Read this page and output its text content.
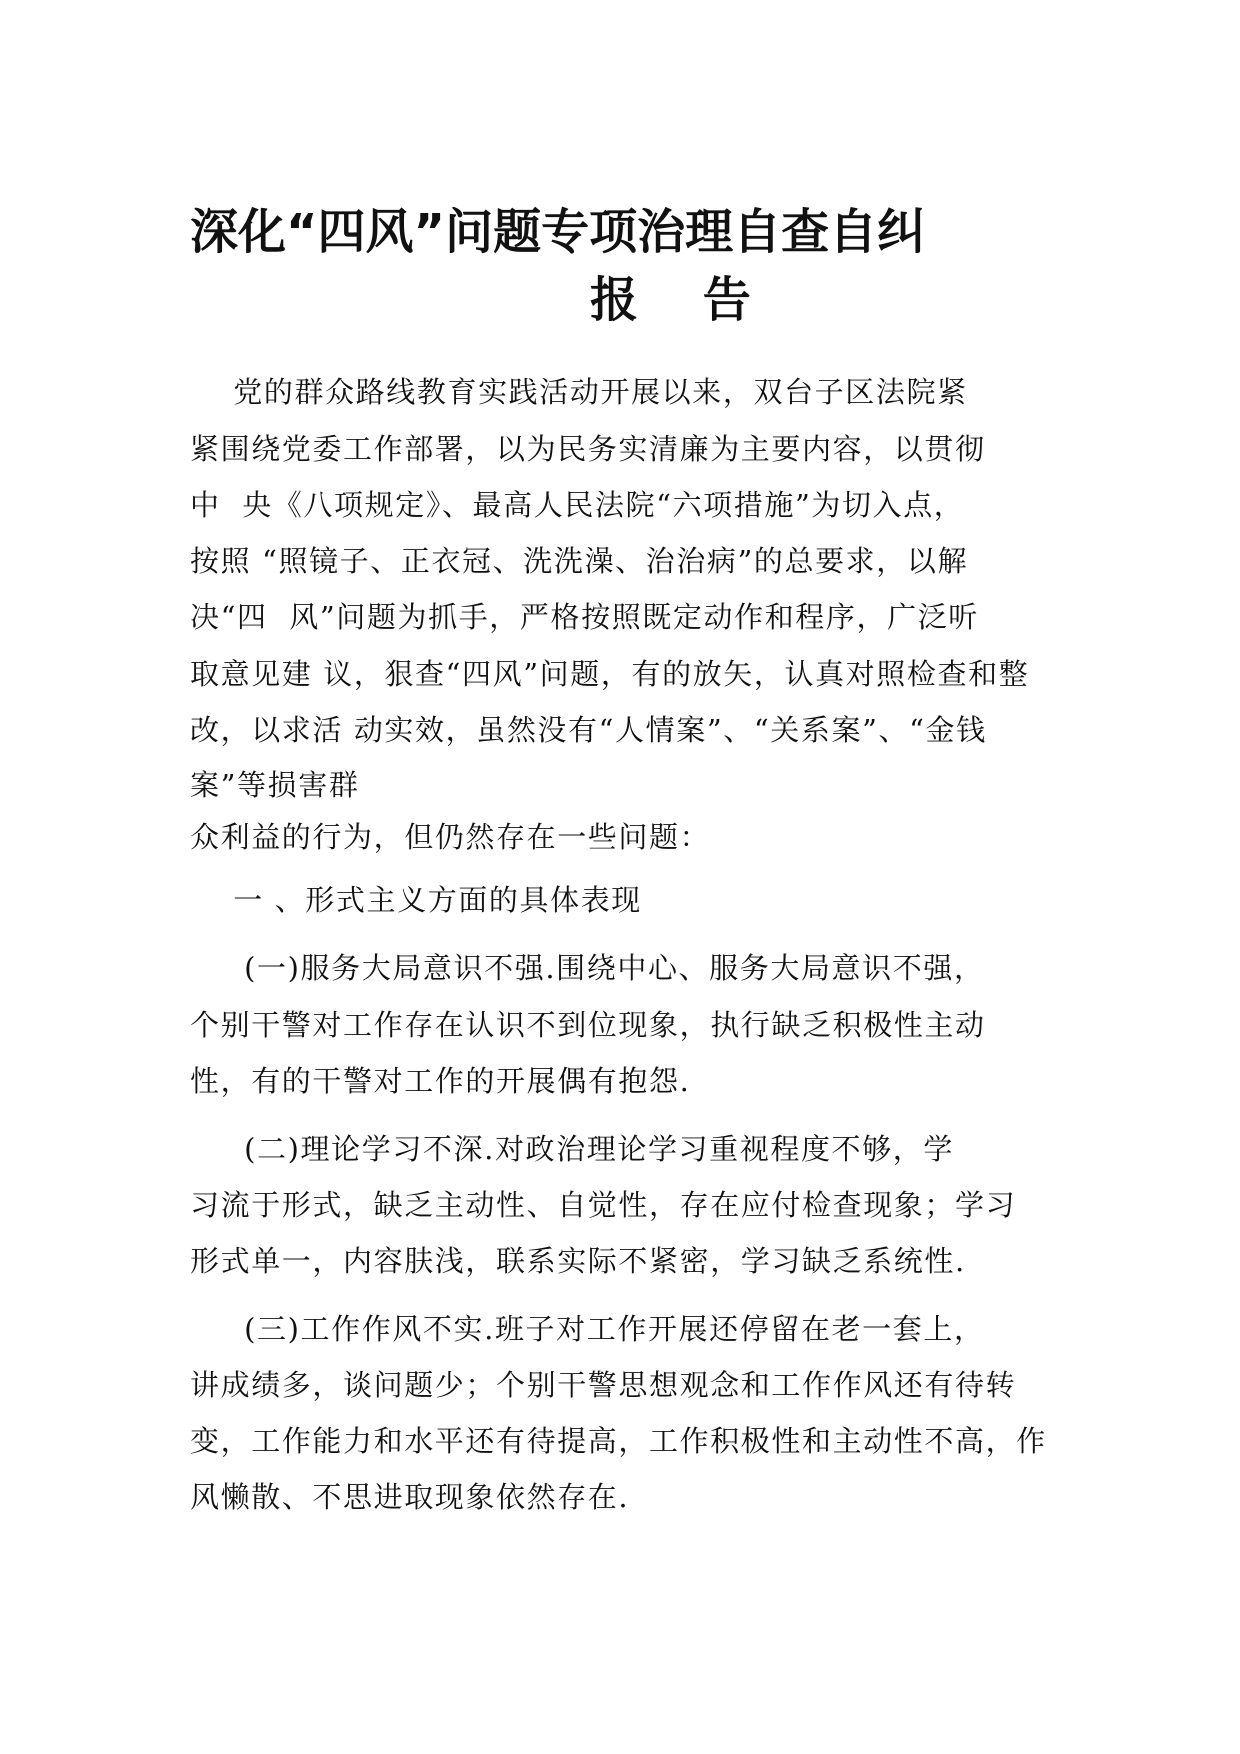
深化“四风”问题专项治理自查自纠
报 告
党的群众路线教育实践活动开展以来，双台子区法院紧
紧围绕党委工作部署，以为民务实清廉为主要内容，以贯彻
中  央《八项规定》、最高人民法院“六项措施”为切入点，
按照 “照镜子、正衣冠、洗洗澡、治治病”的总要求，以解
决“四  风”问题为抓手，严格按照既定动作和程序，广泛听
取意见建 议，狠查“四风”问题，有的放矢，认真对照检查和整
改，以求活 动实效，虽然没有“人情案”、“关系案”、“金钱
案”等损害群
众利益的行为，但仍然存在一些问题：
一 、形式主义方面的具体表现
(一)服务大局意识不强.围绕中心、服务大局意识不强，
个别干警对工作存在认识不到位现象，执行缺乏积极性主动
性，有的干警对工作的开展偶有抱怨.
(二)理论学习不深.对政治理论学习重视程度不够，学
习流于形式，缺乏主动性、自觉性，存在应付检查现象；学习
形式单一，内容肤浅，联系实际不紧密，学习缺乏系统性.
(三)工作作风不实.班子对工作开展还停留在老一套上，
讲成绩多，谈问题少；个别干警思想观念和工作作风还有待转
变，工作能力和水平还有待提高，工作积极性和主动性不高，作
风懒散、不思进取现象依然存在.
